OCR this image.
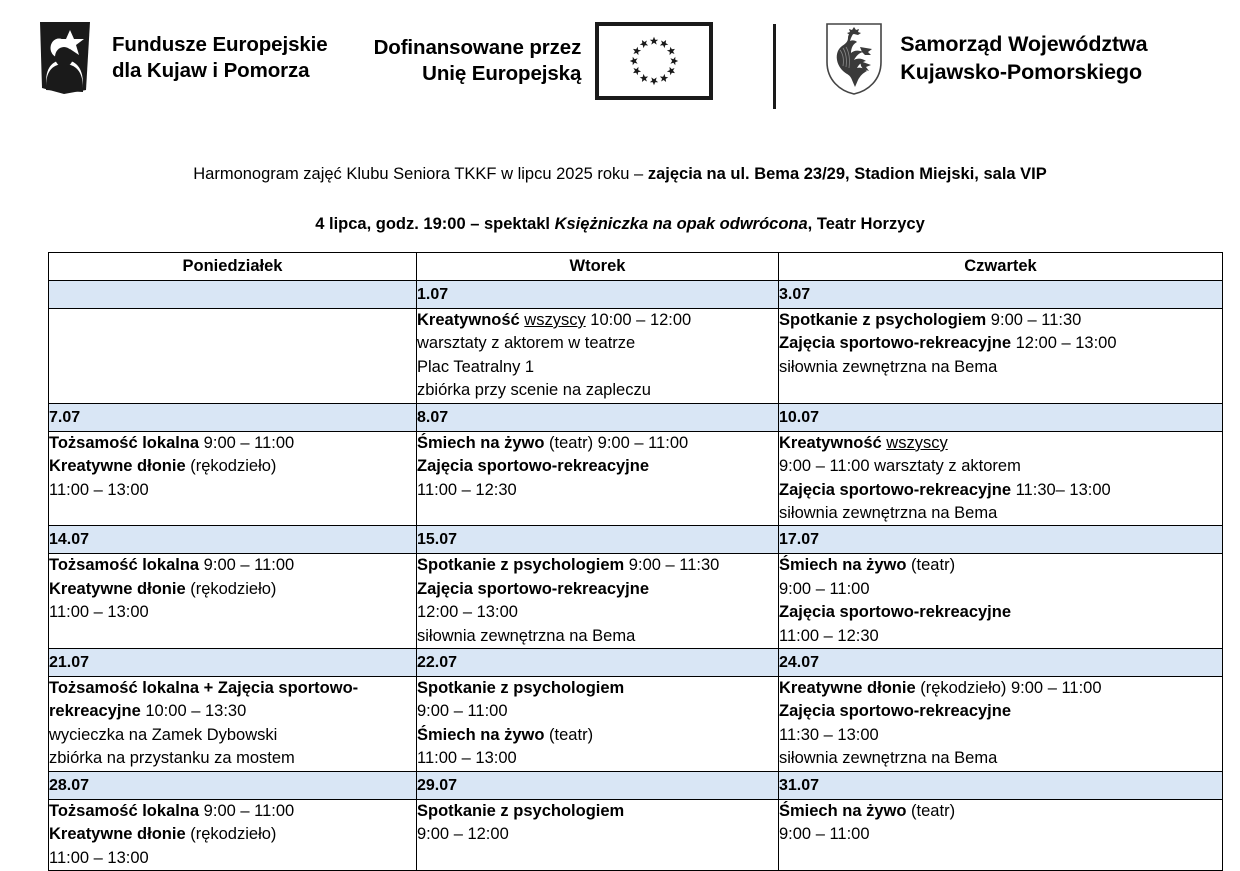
Fundusze Europejskie
dla Kujaw i Pomorza
Dofinansowane przez
Unię Europejską
Samorząd Województwa
Kujawsko-Pomorskiego
Harmonogram zajęć Klubu Seniora TKKF w lipcu 2025 roku – zajęcia na ul. Bema 23/29, Stadion Miejski, sala VIP
4 lipca, godz. 19:00 – spektakl Księżniczka na opak odwrócona, Teatr Horzycy
Poniedziałek	Wtorek	Czwartek
	1.07	3.07

	Kreatywność wszyscy 10:00 – 12:00
warsztaty z aktorem w teatrze
Plac Teatralny 1
zbiórka przy scenie na zapleczu	Spotkanie z psychologiem 9:00 – 11:30
Zajęcia sportowo-rekreacyjne 12:00 – 13:00
siłownia zewnętrzna na Bema

7.07	8.07	10.07

Tożsamość lokalna 9:00 – 11:00
Kreatywne dłonie (rękodzieło)
11:00 – 13:00	Śmiech na żywo (teatr) 9:00 – 11:00
Zajęcia sportowo-rekreacyjne
11:00 – 12:30	Kreatywność wszyscy
9:00 – 11:00 warsztaty z aktorem
Zajęcia sportowo-rekreacyjne 11:30– 13:00
siłownia zewnętrzna na Bema

14.07	15.07	17.07

Tożsamość lokalna 9:00 – 11:00
Kreatywne dłonie (rękodzieło)
11:00 – 13:00	Spotkanie z psychologiem 9:00 – 11:30
Zajęcia sportowo-rekreacyjne
12:00 – 13:00
siłownia zewnętrzna na Bema	Śmiech na żywo (teatr)
9:00 – 11:00
Zajęcia sportowo-rekreacyjne
11:00 – 12:30

21.07	22.07	24.07

Tożsamość lokalna + Zajęcia sportowo-
rekreacyjne 10:00 – 13:30
wycieczka na Zamek Dybowski
zbiórka na przystanku za mostem	Spotkanie z psychologiem
9:00 – 11:00
Śmiech na żywo (teatr)
11:00 – 13:00	Kreatywne dłonie (rękodzieło) 9:00 – 11:00
Zajęcia sportowo-rekreacyjne
11:30 – 13:00
siłownia zewnętrzna na Bema

28.07	29.07	31.07

Tożsamość lokalna 9:00 – 11:00
Kreatywne dłonie (rękodzieło)
11:00 – 13:00	Spotkanie z psychologiem
9:00 – 12:00	Śmiech na żywo (teatr)
9:00 – 11:00
